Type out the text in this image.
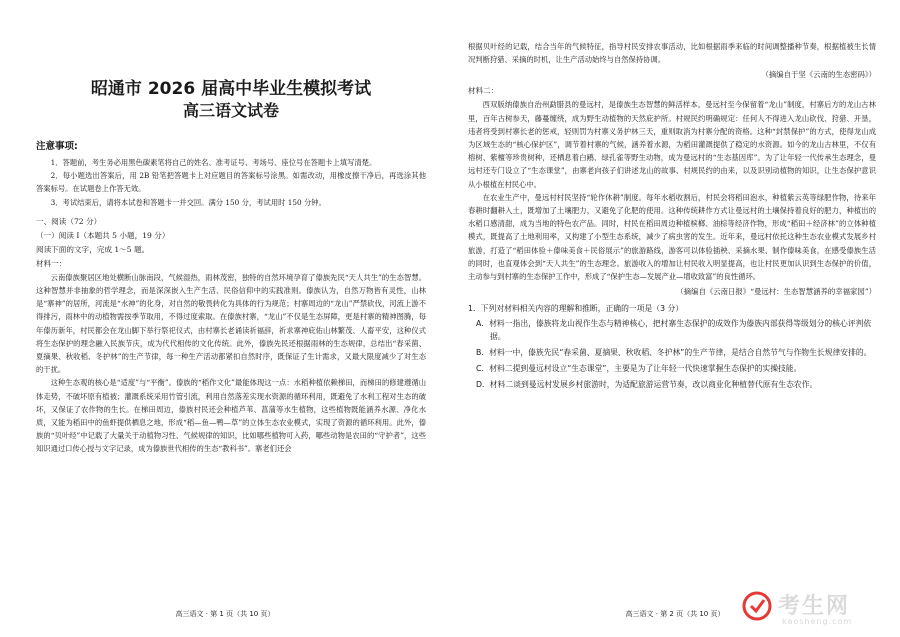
昭通市 2026 届高中毕业生模拟考试
高三语文试卷
注意事项:

1．答题前，考生务必用黑色碳素笔将自己的姓名、准考证号、考场号、座位号在答题卡上填写清楚。

2．每小题选出答案后，用 2B 铅笔把答题卡上对应题目的答案标号涂黑。如需改动，用橡皮擦干净后，再选涂其他答案标号。在试题卷上作答无效。

3．考试结束后，请将本试卷和答题卡一并交回。满分 150 分，考试用时 150 分钟。

一、阅读（72 分）
（一）阅读 I（本题共 5 小题，19 分）
阅读下面的文字，完成 1～5 题。
材料一：

云南傣族聚居区地处横断山脉南段，气候湿热，雨林茂密，独特的自然环境孕育了傣族先民“天人共生”的生态智慧。这种智慧并非抽象的哲学理念，而是深深嵌入生产生活、民俗信仰中的实践准则。傣族认为，自然万物皆有灵性，山林是“寨神”的居所，河流是“水神”的化身，对自然的敬畏转化为具体的行为规范；村寨周边的“龙山”严禁砍伐，河流上游不得排污，雨林中的动植物需按季节取用，不得过度索取。在傣族村寨，“龙山”不仅是生态屏障，更是村寨的精神图腾，每年傣历新年，村民都会在龙山脚下举行祭祀仪式，由村寨长老诵读祈福辞，祈求寨神庇佑山林繁茂、人畜平安，这种仪式将生态保护的理念融入民族节庆，成为代代相传的文化传统。此外，傣族先民还根据雨林的生态规律，总结出“春采菌、夏摘果、秋收稻、冬护林”的生产节律，每一种生产活动都紧扣自然时序，既保证了生计需求，又最大限度减少了对生态的干扰。

这种生态观的核心是“适度”与“平衡”。傣族的“稻作文化”最能体现这一点：水稻种植依赖梯田，而梯田的修建遵循山体走势，不破坏原有植被；灌溉系统采用竹管引流，利用自然落差实现水资源的循环利用，既避免了水利工程对生态的破坏，又保证了农作物的生长。在梯田周边，傣族村民还会种植芦苇、菖蒲等水生植物，这些植物既能涵养水源、净化水质，又能为稻田中的鱼虾提供栖息之地，形成“稻—鱼—鸭—草”的立体生态农业模式，实现了资源的循环利用。此外，傣族的“贝叶经”中记载了大量关于动植物习性、气候规律的知识，比如哪些植物可入药，哪些动物是农田的“守护者”，这些知识通过口传心授与文字记录，成为傣族世代相传的生态“教科书”。寨老们还会

高三语文 · 第 1 页（共 10 页）

根据贝叶经的记载，结合当年的气候特征，指导村民安排农事活动，比如根据雨季来临的时间调整播种节奏，根据植被生长情况判断狩猎、采摘的时机，让生产活动始终与自然保持协调。

（摘编自于坚《云南的生态密码》）
材料二：

西双版纳傣族自治州勐腊县的曼远村，是傣族生态智慧的鲜活样本。曼远村至今保留着“龙山”制度，村寨后方的龙山古林里，百年古树参天，藤蔓缠绕，成为野生动植物的天然庇护所。村规民约明确规定：任何人不得进入龙山砍伐、狩猎、开垦，违者将受到村寨长老的惩戒，轻则罚为村寨义务护林三天，重则取消为村寨分配的资格。这种“封禁保护”的方式，使得龙山成为区域生态的“核心保护区”，调节着村寨的气候，涵养着水源，为稻田灌溉提供了稳定的水资源。如今的龙山古林里，不仅有榕树、紫檀等珍贵树种，还栖息着白鹇、绿孔雀等野生动物，成为曼远村的“生态基因库”。为了让年轻一代传承生态理念，曼远村还专门设立了“生态课堂”，由寨老向孩子们讲述龙山的故事、村规民约的由来，以及识别动植物的知识，让生态保护意识从小根植在村民心中。

在农业生产中，曼远村村民坚持“轮作休耕”制度。每年水稻收割后，村民会将稻田泡水，种植紫云英等绿肥作物，待来年春耕时翻耕入土，既增加了土壤肥力，又避免了化肥的使用。这种传统耕作方式让曼远村的土壤保持着良好的肥力，种植出的水稻口感清甜，成为当地的特色农产品。同时，村民在稻田周边种植槟榔、油棕等经济作物，形成“稻田＋经济林”的立体种植模式，既提高了土地利用率，又构建了小型生态系统，减少了病虫害的发生。近年来，曼远村依托这种生态农业模式发展乡村旅游，打造了“稻田体验＋傣味美食＋民俗展示”的旅游路线，游客可以体验插秧、采摘水果、制作傣味美食，在感受傣族生活的同时，也直观体会到“天人共生”的生态理念。旅游收入的增加让村民收入明显提高，也让村民更加认识到生态保护的价值，主动参与到村寨的生态保护工作中，形成了“保护生态—发展产业—增收致富”的良性循环。

（摘编自《云南日报》“曼远村：生态智慧涵养的幸福家园”）
1．下列对材料相关内容的理解和推断，正确的一项是（3 分）
A．材料一指出，傣族将龙山视作生态与精神核心，把村寨生态保护的成效作为傣族内部获得等级划分的核心评判依据。
B．材料一中，傣族先民“春采菌、夏摘果、秋收稻、冬护林”的生产节律，是结合自然节气与作物生长规律安排的。
C．材料二提到曼远村设立“生态课堂”，主要是为了让年轻一代快速掌握生态保护的实操技能。
D．材料二谈到曼远村发展乡村旅游时，为适配旅游运营节奏，改以商业化种植替代原有生态农作。
高三语文 · 第 2 页（共 10 页）	考生网
kaosheng.com
